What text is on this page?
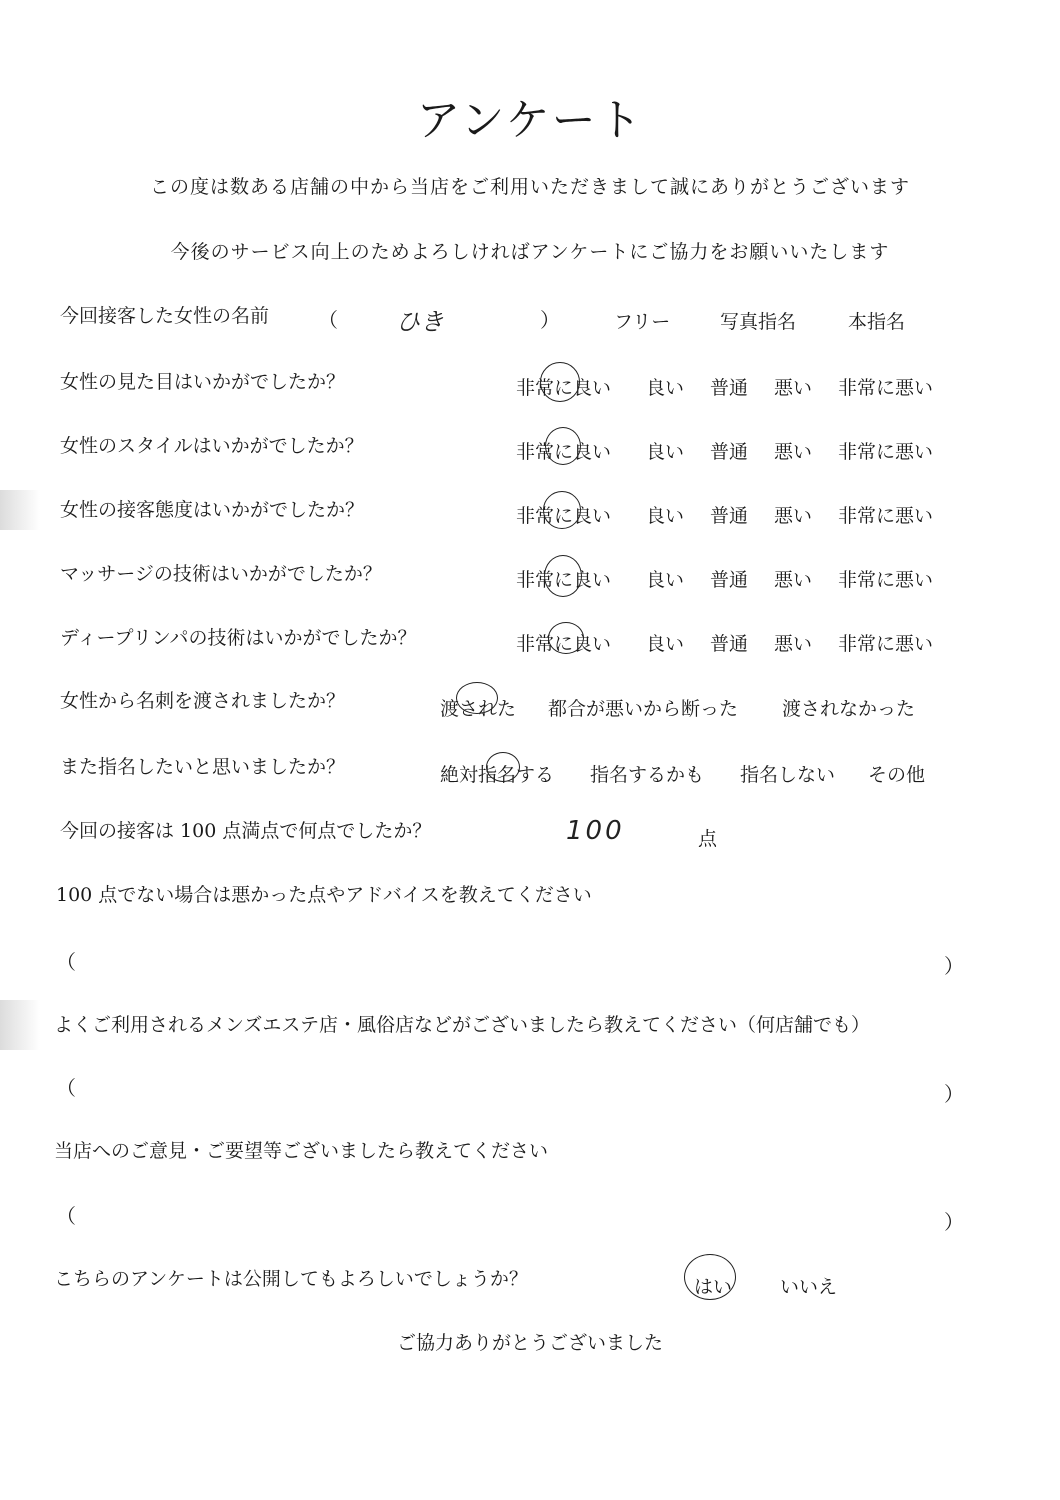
アンケート
この度は数ある店舗の中から当店をご利用いただきまして誠にありがとうございます
今後のサービス向上のためよろしければアンケートにご協力をお願いいたします
今回接客した女性の名前 （ ひき	）	フリー	写真指名	本指名
女性の見た目はいかがでしたか？	非常に良い 良い 普通 悪い 非常に悪い
女性のスタイルはいかがでしたか？	非常に良い 良い 普通 悪い 非常に悪い
女性の接客態度はいかがでしたか？	非常に良い 良い 普通 悪い 非常に悪い
マッサージの技術はいかがでしたか？	非常に良い 良い 普通 悪い 非常に悪い
ディープリンパの技術はいかがでしたか？	非常に良い 良い 普通 悪い 非常に悪い
女性から名刺を渡されましたか？	渡された 都合が悪いから断った 渡されなかった
また指名したいと思いましたか？	絶対指名する 指名するかも 指名しない その他
今回の接客は 100 点満点で何点でしたか？	100	点
100 点でない場合は悪かった点やアドバイスを教えてください
（	）
よくご利用されるメンズエステ店・風俗店などがございましたら教えてください（何店舗でも）
（	）
当店へのご意見・ご要望等ございましたら教えてください
（	）
こちらのアンケートは公開してもよろしいでしょうか？	はい	いいえ
ご協力ありがとうございました
